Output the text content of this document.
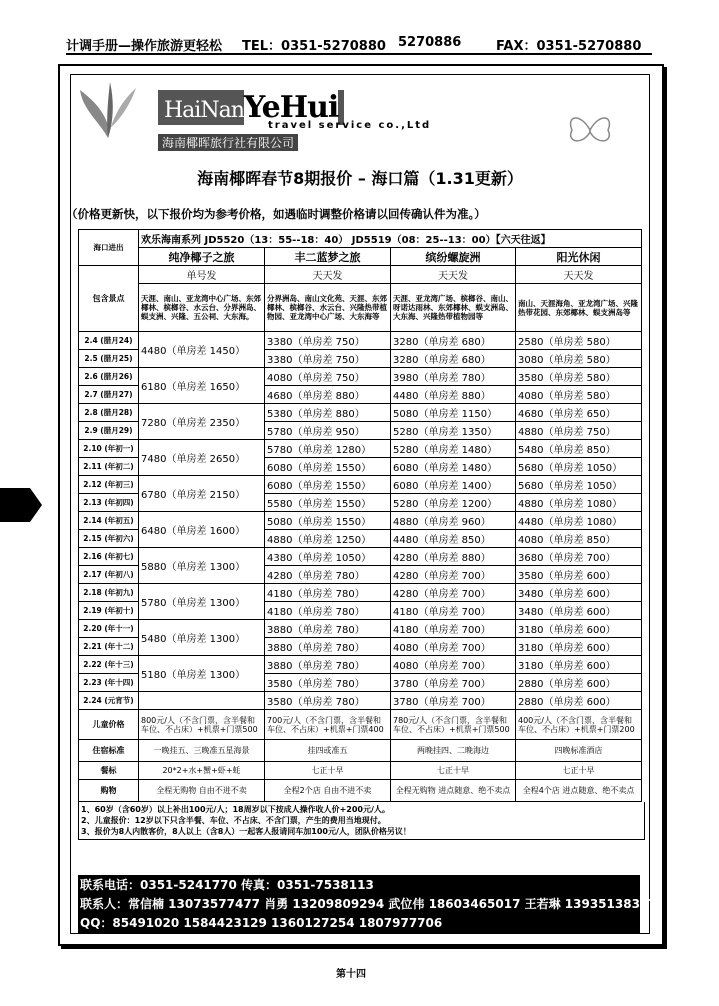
计调手册—操作旅游更轻松 TEL：0351-5270880 5270886	FAX：0351-5270880
HaiNanYeHui
travel service co.,Ltd
海南椰晖旅行社有限公司
海南椰晖春节8期报价 – 海口篇（1.31更新）
（价格更新快，以下报价均为参考价格，如遇临时调整价格请以回传确认件为准。）
海口进出	欢乐海南系列 JD5520（13：55--18：40） JD5519（08：25--13：00）【六天往返】			
	纯净椰子之旅	丰二蓝梦之旅	缤纷螺旋洲	阳光休闲
包含景点	单号发	天天发	天天发	天天发
	天涯、南山、亚龙湾中心广场、东郊椰林、槟榔谷、水云台、分界洲岛、蜈支洲、兴隆、五公祠、大东海。	分界洲岛、南山文化苑、天涯、东郊椰林、槟榔谷、水云台、兴隆热带植物园、亚龙湾中心广场、大东海等	天涯、亚龙湾广场、槟榔谷、南山、呀诺达雨林、东郊椰林、蜈支洲岛、大东海、兴隆热带植物园等	南山、天涯海角、亚龙湾广场、兴隆热带花园、东郊椰林、蜈支洲岛等
2.4 (腊月24)	4480（单房差 1450）	3380（单房差 750）	3280（单房差 680）	2580（单房差 580）
2.5 (腊月25)		3380（单房差 750）	3280（单房差 680）	3080（单房差 580）
2.6 (腊月26)	6180（单房差 1650）	4080（单房差 750）	3980（单房差 780）	3580（单房差 580）
2.7 (腊月27)		4680（单房差 880）	4480（单房差 880）	4080（单房差 580）
2.8 (腊月28)	7280（单房差 2350）	5380（单房差 880）	5080（单房差 1150）	4680（单房差 650）
2.9 (腊月29)		5780（单房差 950）	5280（单房差 1350）	4880（单房差 750）
2.10 (年初一)	7480（单房差 2650）	5780（单房差 1280）	5280（单房差 1480）	5480（单房差 850）
2.11 (年初二)		6080（单房差 1550）	6080（单房差 1480）	5680（单房差 1050）
2.12 (年初三)	6780（单房差 2150）	6080（单房差 1550）	6080（单房差 1400）	5680（单房差 1050）
2.13 (年初四)		5580（单房差 1550）	5280（单房差 1200）	4880（单房差 1080）
2.14 (年初五)	6480（单房差 1600）	5080（单房差 1550）	4880（单房差 960）	4480（单房差 1080）
2.15 (年初六)		4880（单房差 1250）	4480（单房差 850）	4080（单房差 850）
2.16 (年初七)	5880（单房差 1300）	4380（单房差 1050）	4280（单房差 880）	3680（单房差 700）
2.17 (年初八)		4280（单房差 780）	4280（单房差 700）	3580（单房差 600）
2.18 (年初九)	5780（单房差 1300）	4180（单房差 780）	4280（单房差 700）	3480（单房差 600）
2.19 (年初十)		4180（单房差 780）	4180（单房差 700）	3480（单房差 600）
2.20 (年十一)	5480（单房差 1300）	3880（单房差 780）	4180（单房差 700）	3180（单房差 600）
2.21 (年十二)		3880（单房差 780）	4080（单房差 700）	3180（单房差 600）
2.22 (年十三)	5180（单房差 1300）	3880（单房差 780）	4080（单房差 700）	3180（单房差 600）
2.23 (年十四)		3580（单房差 780）	3780（单房差 700）	2880（单房差 600）
2.24 (元宵节)		3580（单房差 780）	3780（单房差 700）	2880（单房差 600）
儿童价格	800元/人（不含门票，含半餐和车位、不占床）+机票+门票500	700元/人（不含门票，含半餐和车位、不占床）+机票+门票400	780元/人（不含门票，含半餐和车位、不占床）+机票+门票500	400元/人（不含门票，含半餐和车位、不占床）+机票+门票200
住宿标准	一晚挂五、三晚准五星海景	挂四或准五	两晚挂四、二晚海边	四晚标准酒店
餐标	20*2+水+蟹+虾+蚝	七正十早	七正十早	七正十早
购物	全程无购物 自由不进不卖	全程2个店 自由不进不卖	全程无购物 进点随意、绝不卖点	全程4个店 进点随意、绝不卖点
1、60岁（含60岁）以上补出100元/人；18周岁以下按成人操作收人价+200元/人。
2、儿童报价：12岁以下只含半餐、车位、不占床、不含门票，产生的费用当地现付。
3、报价为8人内散客价，8人以上（含8人）一起客人报请同车加100元/人，团队价格另议！
联系电话：0351-5241770 传真：0351-7538113
联系人：常信楠 13073577477 肖勇 13209809294 武位伟 18603465017 王若琳 13935138357
QQ：85491020 1584423129 1360127254 1807977706
第十四
